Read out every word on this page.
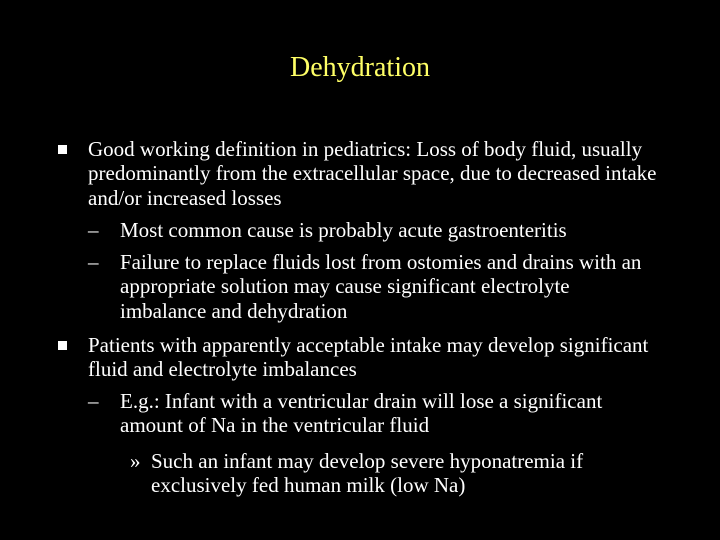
Dehydration

Good working definition in pediatrics: Loss of body fluid, usually predominantly from the extracellular space, due to decreased intake and/or increased losses

– Most common cause is probably acute gastroenteritis

– Failure to replace fluids lost from ostomies and drains with an appropriate solution may cause significant electrolyte imbalance and dehydration

Patients with apparently acceptable intake may develop significant fluid and electrolyte imbalances

– E.g.: Infant with a ventricular drain will lose a significant amount of Na in the ventricular fluid

» Such an infant may develop severe hyponatremia if exclusively fed human milk (low Na)
